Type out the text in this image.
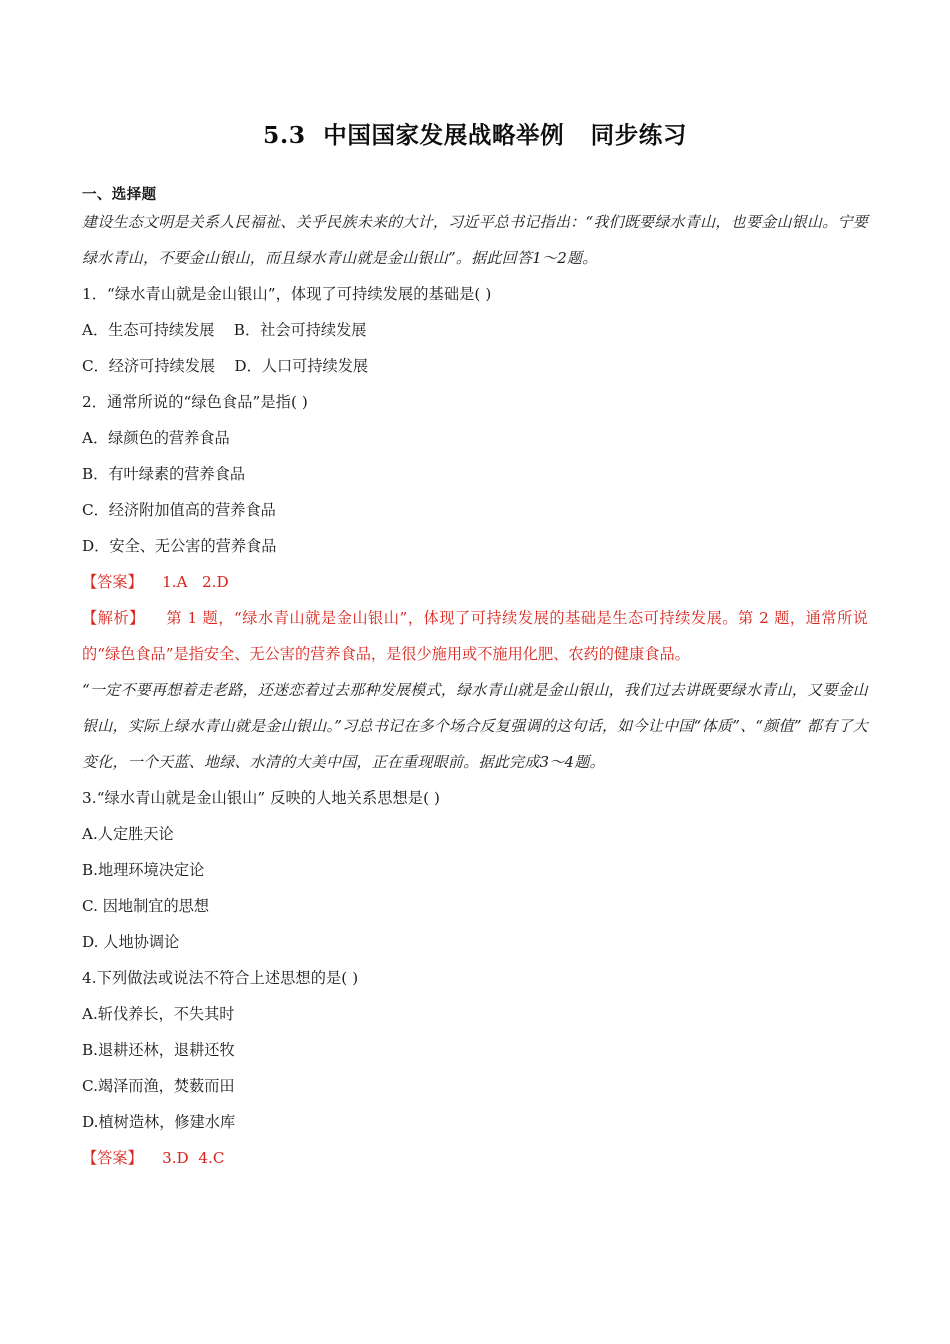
5.3  中国国家发展战略举例   同步练习
一、选择题

建设生态文明是关系人民福祉、关乎民族未来的大计，习近平总书记指出：“我们既要绿水青山，也要金山银山。宁要绿水青山，不要金山银山，而且绿水青山就是金山银山”。据此回答1～2题。

1．“绿水青山就是金山银山”，体现了可持续发展的基础是( )

A．生态可持续发展    B．社会可持续发展

C．经济可持续发展    D．人口可持续发展

2．通常所说的“绿色食品”是指( )

A．绿颜色的营养食品

B．有叶绿素的营养食品

C．经济附加值高的营养食品

D．安全、无公害的营养食品

【答案】 1.A   2.D

【解析】 第 1 题，“绿水青山就是金山银山”，体现了可持续发展的基础是生态可持续发展。第 2 题，通常所说的“绿色食品”是指安全、无公害的营养食品，是很少施用或不施用化肥、农药的健康食品。

“一定不要再想着走老路，还迷恋着过去那种发展模式，绿水青山就是金山银山，我们过去讲既要绿水青山，又要金山银山，实际上绿水青山就是金山银山。”习总书记在多个场合反复强调的这句话，如今让中国“体质”、“颜值” 都有了大变化，一个天蓝、地绿、水清的大美中国，正在重现眼前。据此完成3～4题。

3.“绿水青山就是金山银山” 反映的人地关系思想是( )

A.人定胜天论

B.地理环境决定论

C. 因地制宜的思想

D. 人地协调论

4.下列做法或说法不符合上述思想的是( )

A.斩伐养长，不失其时

B.退耕还林，退耕还牧

C.竭泽而渔，焚薮而田

D.植树造林，修建水库

【答案】 3.D  4.C
